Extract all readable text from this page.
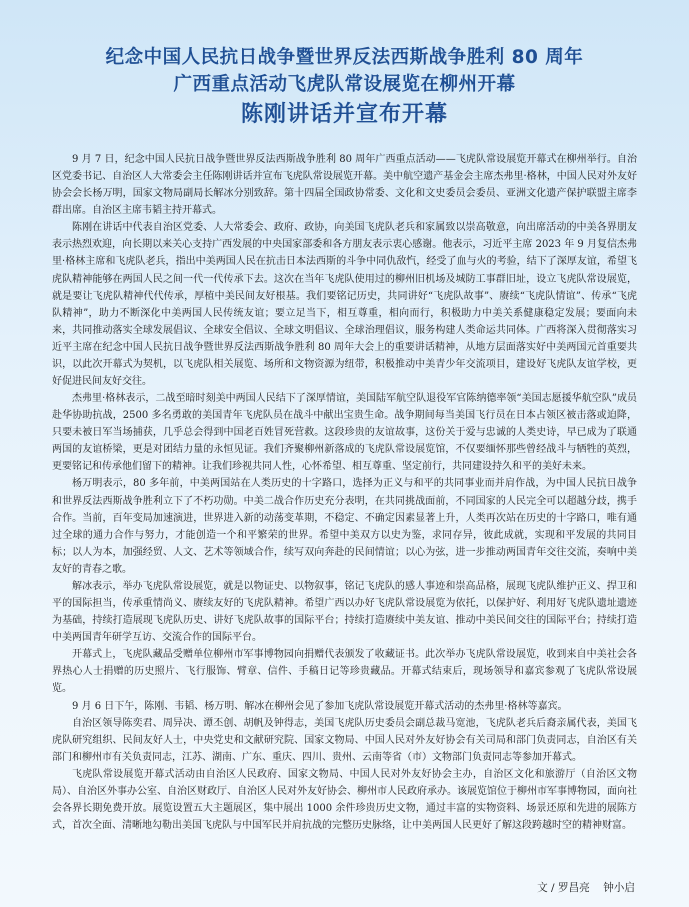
纪念中国人民抗日战争暨世界反法西斯战争胜利 80 周年
广西重点活动飞虎队常设展览在柳州开幕
陈刚讲话并宣布开幕

9 月 7 日，纪念中国人民抗日战争暨世界反法西斯战争胜利 80 周年广西重点活动——飞虎队常设展览开幕式在柳州举行。自治区党委书记、自治区人大常委会主任陈刚讲话并宣布飞虎队常设展览开幕。美中航空遗产基金会主席杰弗里·格林，中国人民对外友好协会会长杨万明，国家文物局副局长解冰分别致辞。第十四届全国政协常委、文化和文史委员会委员、亚洲文化遗产保护联盟主席李群出席。自治区主席韦韬主持开幕式。

陈刚在讲话中代表自治区党委、人大常委会、政府、政协，向美国飞虎队老兵和家属致以崇高敬意，向出席活动的中美各界朋友表示热烈欢迎，向长期以来关心支持广西发展的中央国家部委和各方朋友表示衷心感谢。他表示，习近平主席 2023 年 9 月复信杰弗里·格林主席和飞虎队老兵，指出中美两国人民在抗击日本法西斯的斗争中同仇敌忾，经受了血与火的考验，结下了深厚友谊，希望飞虎队精神能够在两国人民之间一代一代传承下去。这次在当年飞虎队使用过的柳州旧机场及城防工事群旧址，设立飞虎队常设展览，就是要让飞虎队精神代代传承，厚植中美民间友好根基。我们要铭记历史，共同讲好“飞虎队故事”、赓续“飞虎队情谊”、传承“飞虎队精神”，助力不断深化中美两国人民传统友谊；要立足当下，相互尊重，相向而行，积极助力中美关系健康稳定发展；要面向未来，共同推动落实全球发展倡议、全球安全倡议、全球文明倡议、全球治理倡议，服务构建人类命运共同体。广西将深入贯彻落实习近平主席在纪念中国人民抗日战争暨世界反法西斯战争胜利 80 周年大会上的重要讲话精神，从地方层面落实好中美两国元首重要共识，以此次开幕式为契机，以飞虎队相关展览、场所和文物资源为纽带，积极推动中美青少年交流项目，建设好飞虎队友谊学校，更好促进民间友好交往。

杰弗里·格林表示，二战至暗时刻美中两国人民结下了深厚情谊，美国陆军航空队退役军官陈纳德率领“美国志愿援华航空队”成员赴华协助抗战，2500 多名勇敢的美国青年飞虎队员在战斗中献出宝贵生命。战争期间每当美国飞行员在日本占领区被击落或迫降，只要未被日军当场捕获，几乎总会得到中国老百姓冒死营救。这段珍贵的友谊故事，这份关于爱与忠诚的人类史诗，早已成为了联通两国的友谊桥梁，更是对团结力量的永恒见证。我们齐聚柳州新落成的飞虎队常设展览馆，不仅要缅怀那些曾经战斗与牺牲的英烈，更要铭记和传承他们留下的精神。让我们珍视共同人性，心怀希望、相互尊重、坚定前行，共同建设持久和平的美好未来。

杨万明表示，80 多年前，中美两国站在人类历史的十字路口，选择为正义与和平的共同事业而并肩作战，为中国人民抗日战争和世界反法西斯战争胜利立下了不朽功勋。中美二战合作历史充分表明，在共同挑战面前，不同国家的人民完全可以超越分歧，携手合作。当前，百年变局加速演进，世界进入新的动荡变革期，不稳定、不确定因素显著上升，人类再次站在历史的十字路口，唯有通过全球的通力合作与努力，才能创造一个和平繁荣的世界。希望中美双方以史为鉴，求同存异，彼此成就，实现和平发展的共同目标；以人为本，加强经贸、人文、艺术等领域合作，续写双向奔赴的民间情谊；以心为弦，进一步推动两国青年交往交流，奏响中美友好的青春之歌。

解冰表示，举办飞虎队常设展览，就是以物证史、以物叙事，铭记飞虎队的感人事迹和崇高品格，展现飞虎队维护正义、捍卫和平的国际担当，传承重情尚义、赓续友好的飞虎队精神。希望广西以办好飞虎队常设展览为依托，以保护好、利用好飞虎队遗址遗迹为基础，持续打造展现飞虎队历史、讲好飞虎队故事的国际平台；持续打造赓续中美友谊、推动中美民间交往的国际平台；持续打造中美两国青年研学互访、交流合作的国际平台。

开幕式上，飞虎队藏品受赠单位柳州市军事博物园向捐赠代表颁发了收藏证书。此次举办飞虎队常设展览，收到来自中美社会各界热心人士捐赠的历史照片、飞行服饰、臂章、信件、手稿日记等珍贵藏品。开幕式结束后，现场领导和嘉宾参观了飞虎队常设展览。

9 月 6 日下午，陈刚、韦韬、杨万明、解冰在柳州会见了参加飞虎队常设展览开幕式活动的杰弗里·格林等嘉宾。

自治区领导陈奕君、周异决、谭丕创、胡帆及钟得志，美国飞虎队历史委员会副总裁马宽池，飞虎队老兵后裔亲属代表，美国飞虎队研究组织、民间友好人士，中央党史和文献研究院、国家文物局、中国人民对外友好协会有关司局和部门负责同志，自治区有关部门和柳州市有关负责同志，江苏、湖南、广东、重庆、四川、贵州、云南等省（市）文物部门负责同志等参加开幕式。

飞虎队常设展览开幕式活动由自治区人民政府、国家文物局、中国人民对外友好协会主办，自治区文化和旅游厅（自治区文物局）、自治区外事办公室、自治区财政厅、自治区人民对外友好协会、柳州市人民政府承办。该展览馆位于柳州市军事博物园，面向社会各界长期免费开放。展览设置五大主题展区，集中展出 1000 余件珍贵历史文物，通过丰富的实物资料、场景还原和先进的展陈方式，首次全面、清晰地勾勒出美国飞虎队与中国军民并肩抗战的完整历史脉络，让中美两国人民更好了解这段跨越时空的精神财富。

文 / 罗昌亮    钟小启
